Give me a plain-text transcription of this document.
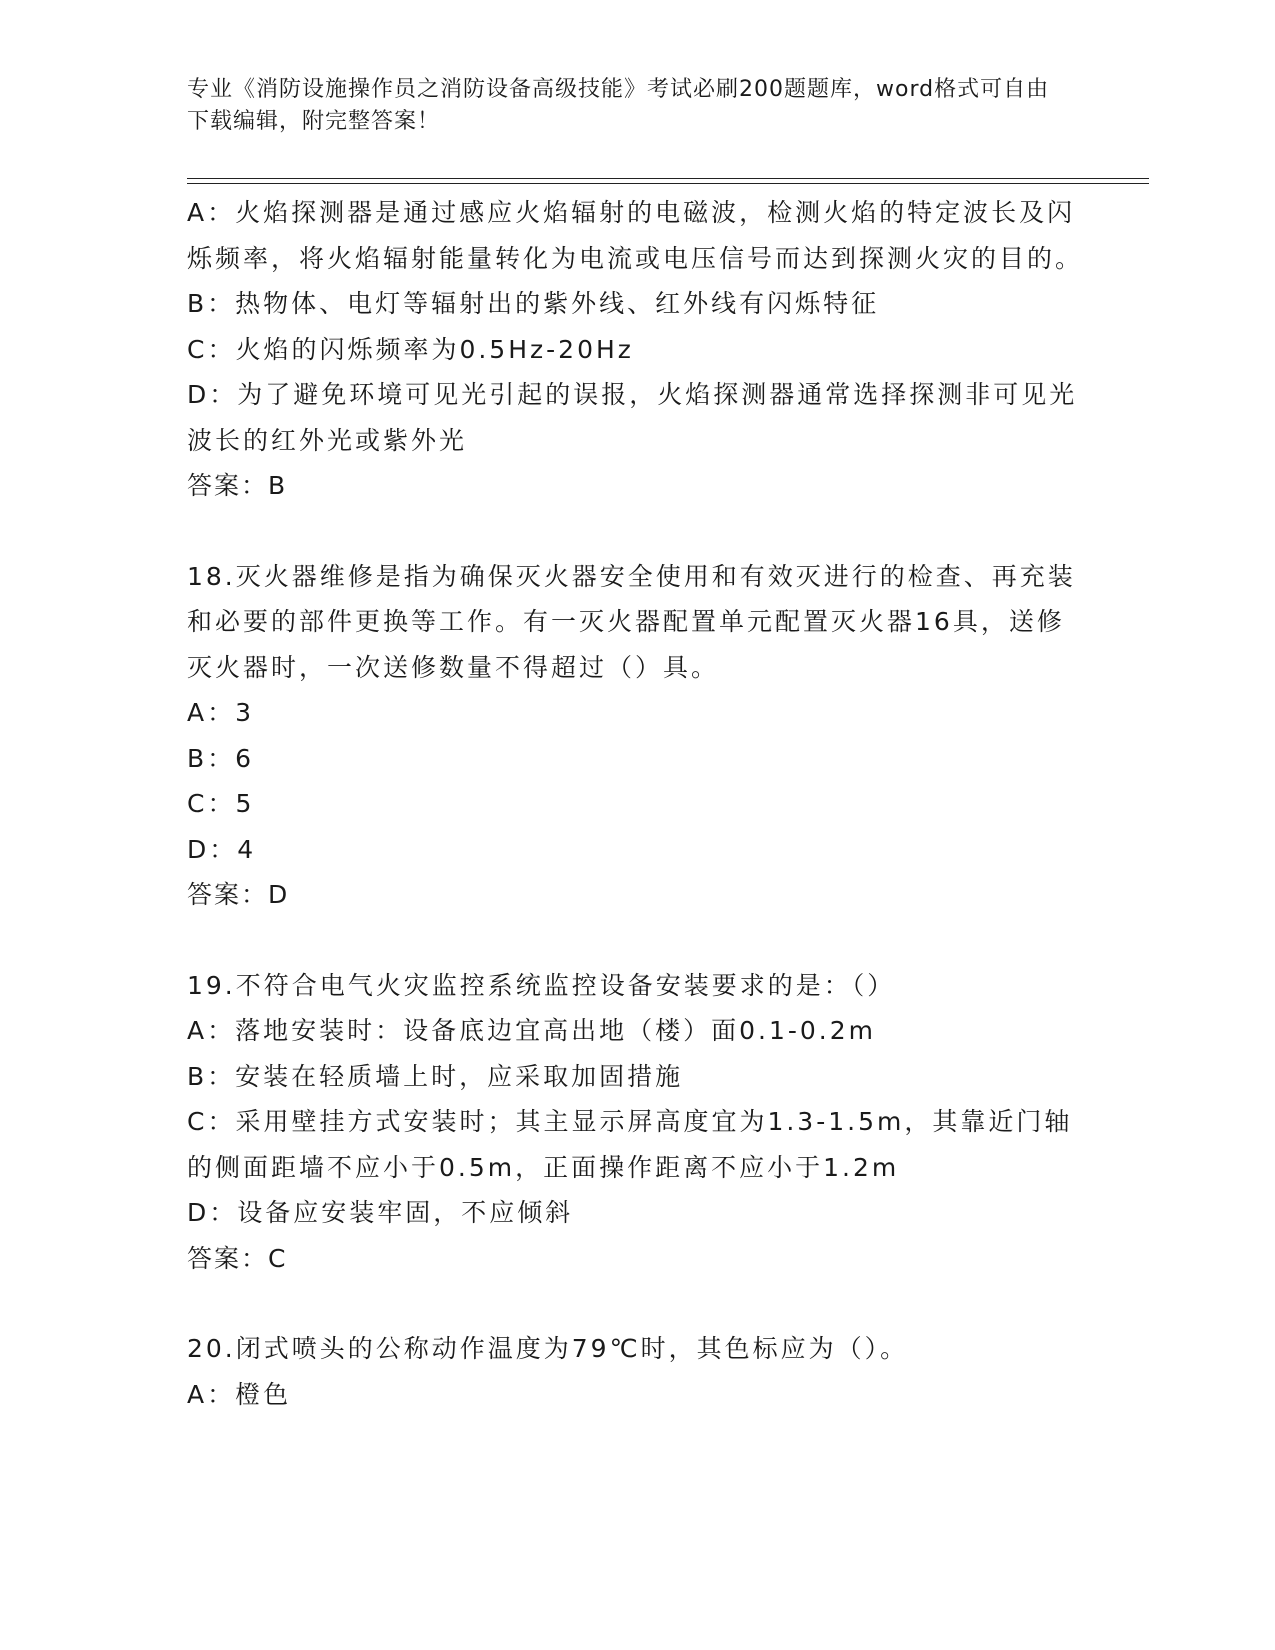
专业《消防设施操作员之消防设备高级技能》考试必刷200题题库，word格式可自由下载编辑，附完整答案！

A：火焰探测器是通过感应火焰辐射的电磁波，检测火焰的特定波长及闪烁频率，将火焰辐射能量转化为电流或电压信号而达到探测火灾的目的。

B：热物体、电灯等辐射出的紫外线、红外线有闪烁特征

C：火焰的闪烁频率为0.5Hz-20Hz

D：为了避免环境可见光引起的误报，火焰探测器通常选择探测非可见光波长的红外光或紫外光

答案：B

18.灭火器维修是指为确保灭火器安全使用和有效灭进行的检查、再充装和必要的部件更换等工作。有一灭火器配置单元配置灭火器16具，送修灭火器时，一次送修数量不得超过（）具。

A：3

B：6

C：5

D：4

答案：D

19.不符合电气火灾监控系统监控设备安装要求的是：（）

A：落地安装时：设备底边宜高出地（楼）面0.1-0.2m

B：安装在轻质墙上时，应采取加固措施

C：采用壁挂方式安装时；其主显示屏高度宜为1.3-1.5m，其靠近门轴的侧面距墙不应小于0.5m，正面操作距离不应小于1.2m

D：设备应安装牢固，不应倾斜

答案：C

20.闭式喷头的公称动作温度为79℃时，其色标应为（）。

A：橙色
